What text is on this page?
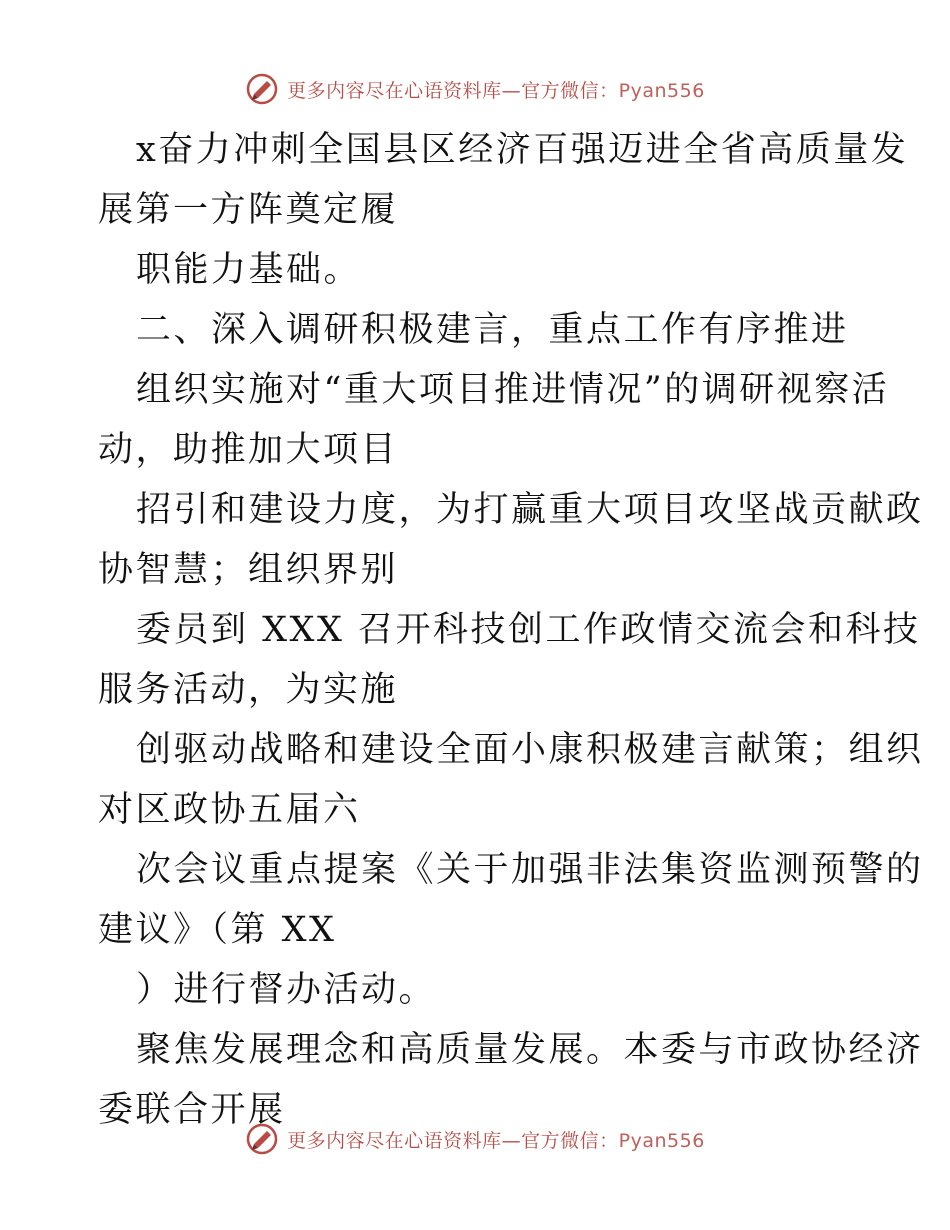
更多内容尽在心语资料库—官方微信：Pyan556
x奋力冲刺全国县区经济百强迈进全省高质量发
展第一方阵奠定履
职能力基础。
二、深入调研积极建言，重点工作有序推进
组织实施对“重大项目推进情况”的调研视察活
动，助推加大项目
招引和建设力度，为打赢重大项目攻坚战贡献政
协智慧；组织界别
委员到 XXX 召开科技创工作政情交流会和科技
服务活动，为实施
创驱动战略和建设全面小康积极建言献策；组织
对区政协五届六
次会议重点提案《关于加强非法集资监测预警的
建议》（第 XX
）进行督办活动。
聚焦发展理念和高质量发展。本委与市政协经济
委联合开展
更多内容尽在心语资料库—官方微信：Pyan556
